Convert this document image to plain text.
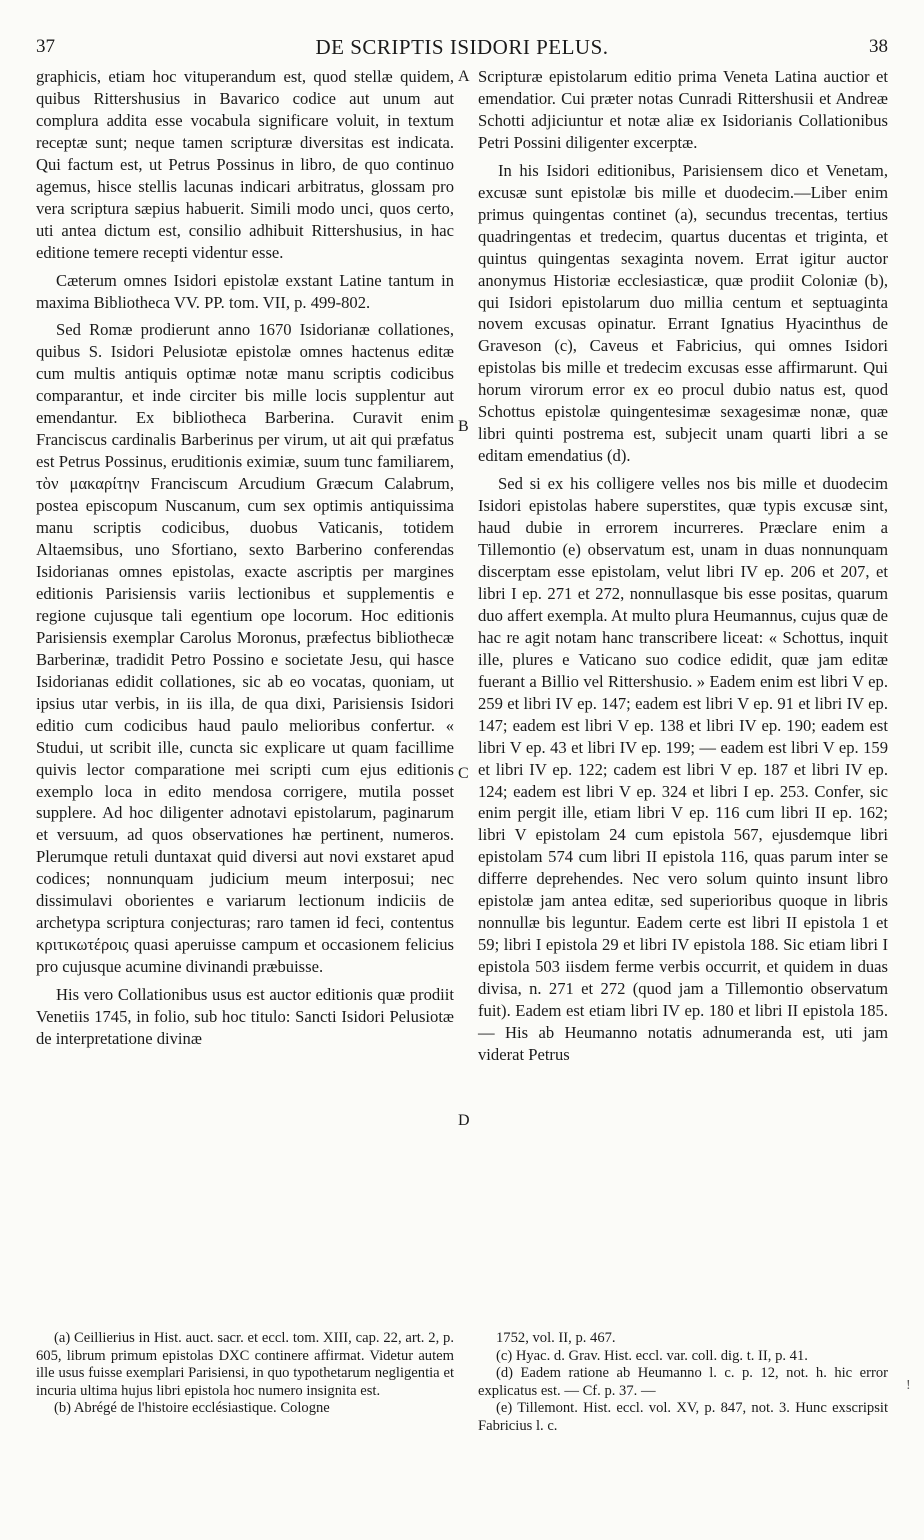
37	DE SCRIPTIS ISIDORI PELUS.	38
A
B
C
D

graphicis, etiam hoc vituperandum est, quod stellæ quidem, quibus Rittershusius in Bavarico codice aut unum aut complura addita esse vocabula significare voluit, in textum receptæ sunt; neque tamen scripturæ diversitas est indicata. Qui factum est, ut Petrus Possinus in libro, de quo continuo agemus, hisce stellis lacunas indicari arbitratus, glossam pro vera scriptura sæpius habuerit. Simili modo unci, quos certo, uti antea dictum est, consilio adhibuit Rittershusius, in hac editione temere recepti videntur esse.

Cæterum omnes Isidori epistolæ exstant Latine tantum in maxima Bibliotheca VV. PP. tom. VII, p. 499-802.

Sed Romæ prodierunt anno 1670 Isidorianæ collationes, quibus S. Isidori Pelusiotæ epistolæ omnes hactenus editæ cum multis antiquis optimæ notæ manu scriptis codicibus comparantur, et inde circiter bis mille locis supplentur aut emendantur. Ex bibliotheca Barberina. Curavit enim Franciscus cardinalis Barberinus per virum, ut ait qui præfatus est Petrus Possinus, eruditionis eximiæ, suum tunc familiarem, τὸν μακαρίτην Franciscum Arcudium Græcum Calabrum, postea episcopum Nuscanum, cum sex optimis antiquissima manu scriptis codicibus, duobus Vaticanis, totidem Altaemsibus, uno Sfortiano, sexto Barberino conferendas Isidorianas omnes epistolas, exacte ascriptis per margines editionis Parisiensis variis lectionibus et supplementis e regione cujusque tali egentium ope locorum. Hoc editionis Parisiensis exemplar Carolus Moronus, præfectus bibliothecæ Barberinæ, tradidit Petro Possino e societate Jesu, qui hasce Isidorianas edidit collationes, sic ab eo vocatas, quoniam, ut ipsius utar verbis, in iis illa, de qua dixi, Parisiensis Isidori editio cum codicibus haud paulo melioribus confertur. « Studui, ut scribit ille, cuncta sic explicare ut quam facillime quivis lector comparatione mei scripti cum ejus editionis exemplo loca in edito mendosa corrigere, mutila posset supplere. Ad hoc diligenter adnotavi epistolarum, paginarum et versuum, ad quos observationes hæ pertinent, numeros. Plerumque retuli duntaxat quid diversi aut novi exstaret apud codices; nonnunquam judicium meum interposui; nec dissimulavi oborientes e variarum lectionum indiciis de archetypa scriptura conjecturas; raro tamen id feci, contentus κριτικωτέροις quasi aperuisse campum et occasionem felicius pro cujusque acumine divinandi præbuisse.

His vero Collationibus usus est auctor editionis quæ prodiit Venetiis 1745, in folio, sub hoc titulo: Sancti Isidori Pelusiotæ de interpretatione divinæ

Scripturæ epistolarum editio prima Veneta Latina auctior et emendatior. Cui præter notas Cunradi Rittershusii et Andreæ Schotti adjiciuntur et notæ aliæ ex Isidorianis Collationibus Petri Possini diligenter excerptæ.

In his Isidori editionibus, Parisiensem dico et Venetam, excusæ sunt epistolæ bis mille et duodecim.—Liber enim primus quingentas continet (a), secundus trecentas, tertius quadringentas et tredecim, quartus ducentas et triginta, et quintus quingentas sexaginta novem. Errat igitur auctor anonymus Historiæ ecclesiasticæ, quæ prodiit Coloniæ (b), qui Isidori epistolarum duo millia centum et septuaginta novem excusas opinatur. Errant Ignatius Hyacinthus de Graveson (c), Caveus et Fabricius, qui omnes Isidori epistolas bis mille et tredecim excusas esse affirmarunt. Qui horum virorum error ex eo procul dubio natus est, quod Schottus epistolæ quingentesimæ sexagesimæ nonæ, quæ libri quinti postrema est, subjecit unam quarti libri a se editam emendatius (d).

Sed si ex his colligere velles nos bis mille et duodecim Isidori epistolas habere superstites, quæ typis excusæ sint, haud dubie in errorem incurreres. Præclare enim a Tillemontio (e) observatum est, unam in duas nonnunquam discerptam esse epistolam, velut libri IV ep. 206 et 207, et libri I ep. 271 et 272, nonnullasque bis esse positas, quarum duo affert exempla. At multo plura Heumannus, cujus quæ de hac re agit notam hanc transcribere liceat: « Schottus, inquit ille, plures e Vaticano suo codice edidit, quæ jam editæ fuerant a Billio vel Rittershusio. » Eadem enim est libri V ep. 259 et libri IV ep. 147; eadem est libri V ep. 91 et libri IV ep. 147; eadem est libri V ep. 138 et libri IV ep. 190; eadem est libri V ep. 43 et libri IV ep. 199; — eadem est libri V ep. 159 et libri IV ep. 122; cadem est libri V ep. 187 et libri IV ep. 124; eadem est libri V ep. 324 et libri I ep. 253. Confer, sic enim pergit ille, etiam libri V ep. 116 cum libri II ep. 162; libri V epistolam 24 cum epistola 567, ejusdemque libri epistolam 574 cum libri II epistola 116, quas parum inter se differre deprehendes. Nec vero solum quinto insunt libro epistolæ jam antea editæ, sed superioribus quoque in libris nonnullæ bis leguntur. Eadem certe est libri II epistola 1 et 59; libri I epistola 29 et libri IV epistola 188. Sic etiam libri I epistola 503 iisdem ferme verbis occurrit, et quidem in duas divisa, n. 271 et 272 (quod jam a Tillemontio observatum fuit). Eadem est etiam libri IV ep. 180 et libri II epistola 185. — His ab Heumanno notatis adnumeranda est, uti jam viderat Petrus

(a) Ceillierius in Hist. auct. sacr. et eccl. tom. XIII, cap. 22, art. 2, p. 605, librum primum epistolas DXC continere affirmat. Videtur autem ille usus fuisse exemplari Parisiensi, in quo typothetarum negligentia et incuria ultima hujus libri epistola hoc numero insignita est.

(b) Abrégé de l'histoire ecclésiastique. Cologne

1752, vol. II, p. 467.

(c) Hyac. d. Grav. Hist. eccl. var. coll. dig. t. II, p. 41.

(d) Eadem ratione ab Heumanno l. c. p. 12, not. h. hic error explicatus est. — Cf. p. 37. —

(e) Tillemont. Hist. eccl. vol. XV, p. 847, not. 3. Hunc exscripsit Fabricius l. c.

!
